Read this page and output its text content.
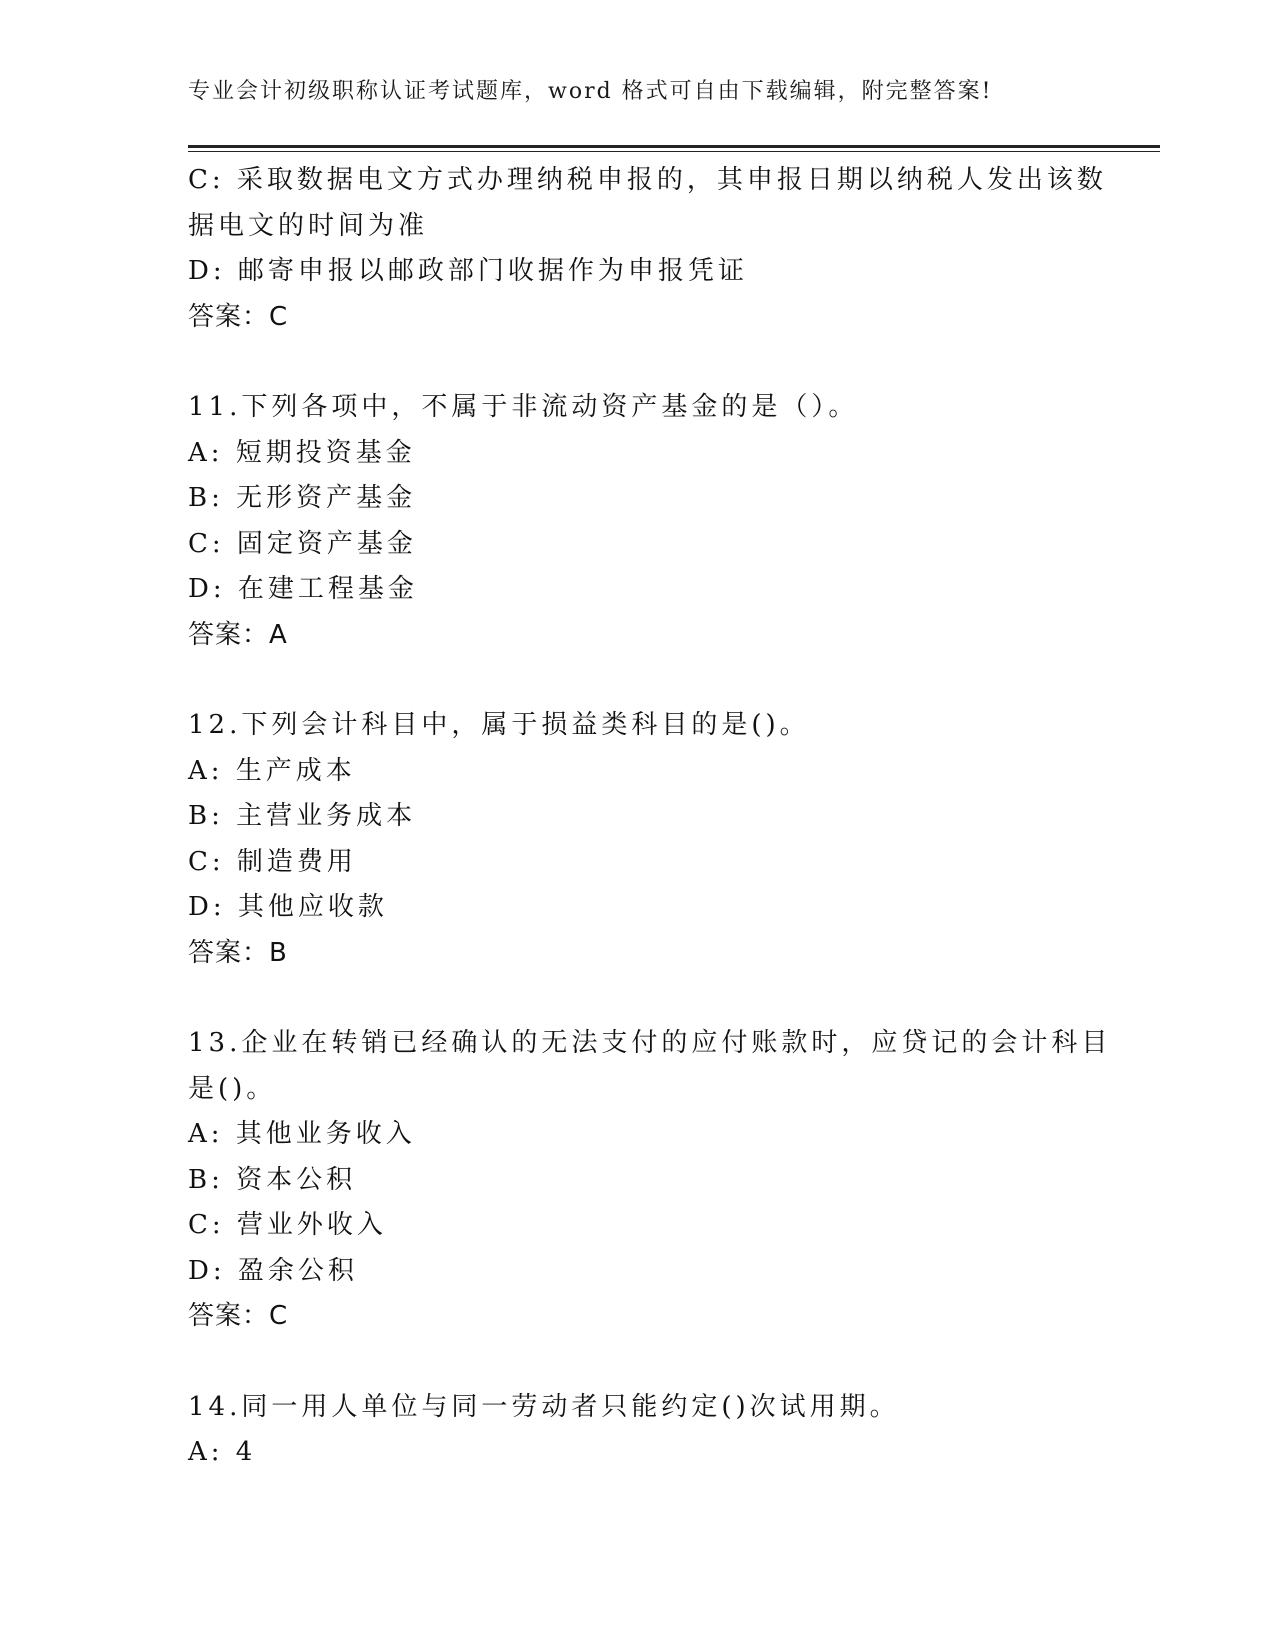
专业会计初级职称认证考试题库，word 格式可自由下载编辑，附完整答案!
C: 采取数据电文方式办理纳税申报的，其申报日期以纳税人发出该数
据电文的时间为准
D: 邮寄申报以邮政部门收据作为申报凭证
答案：C
11.下列各项中，不属于非流动资产基金的是（）。
A: 短期投资基金
B: 无形资产基金
C: 固定资产基金
D: 在建工程基金
答案：A
12.下列会计科目中，属于损益类科目的是()。
A: 生产成本
B: 主营业务成本
C: 制造费用
D: 其他应收款
答案：B
13.企业在转销已经确认的无法支付的应付账款时，应贷记的会计科目
是()。
A: 其他业务收入
B: 资本公积
C: 营业外收入
D: 盈余公积
答案：C
14.同一用人单位与同一劳动者只能约定()次试用期。
A: 4
